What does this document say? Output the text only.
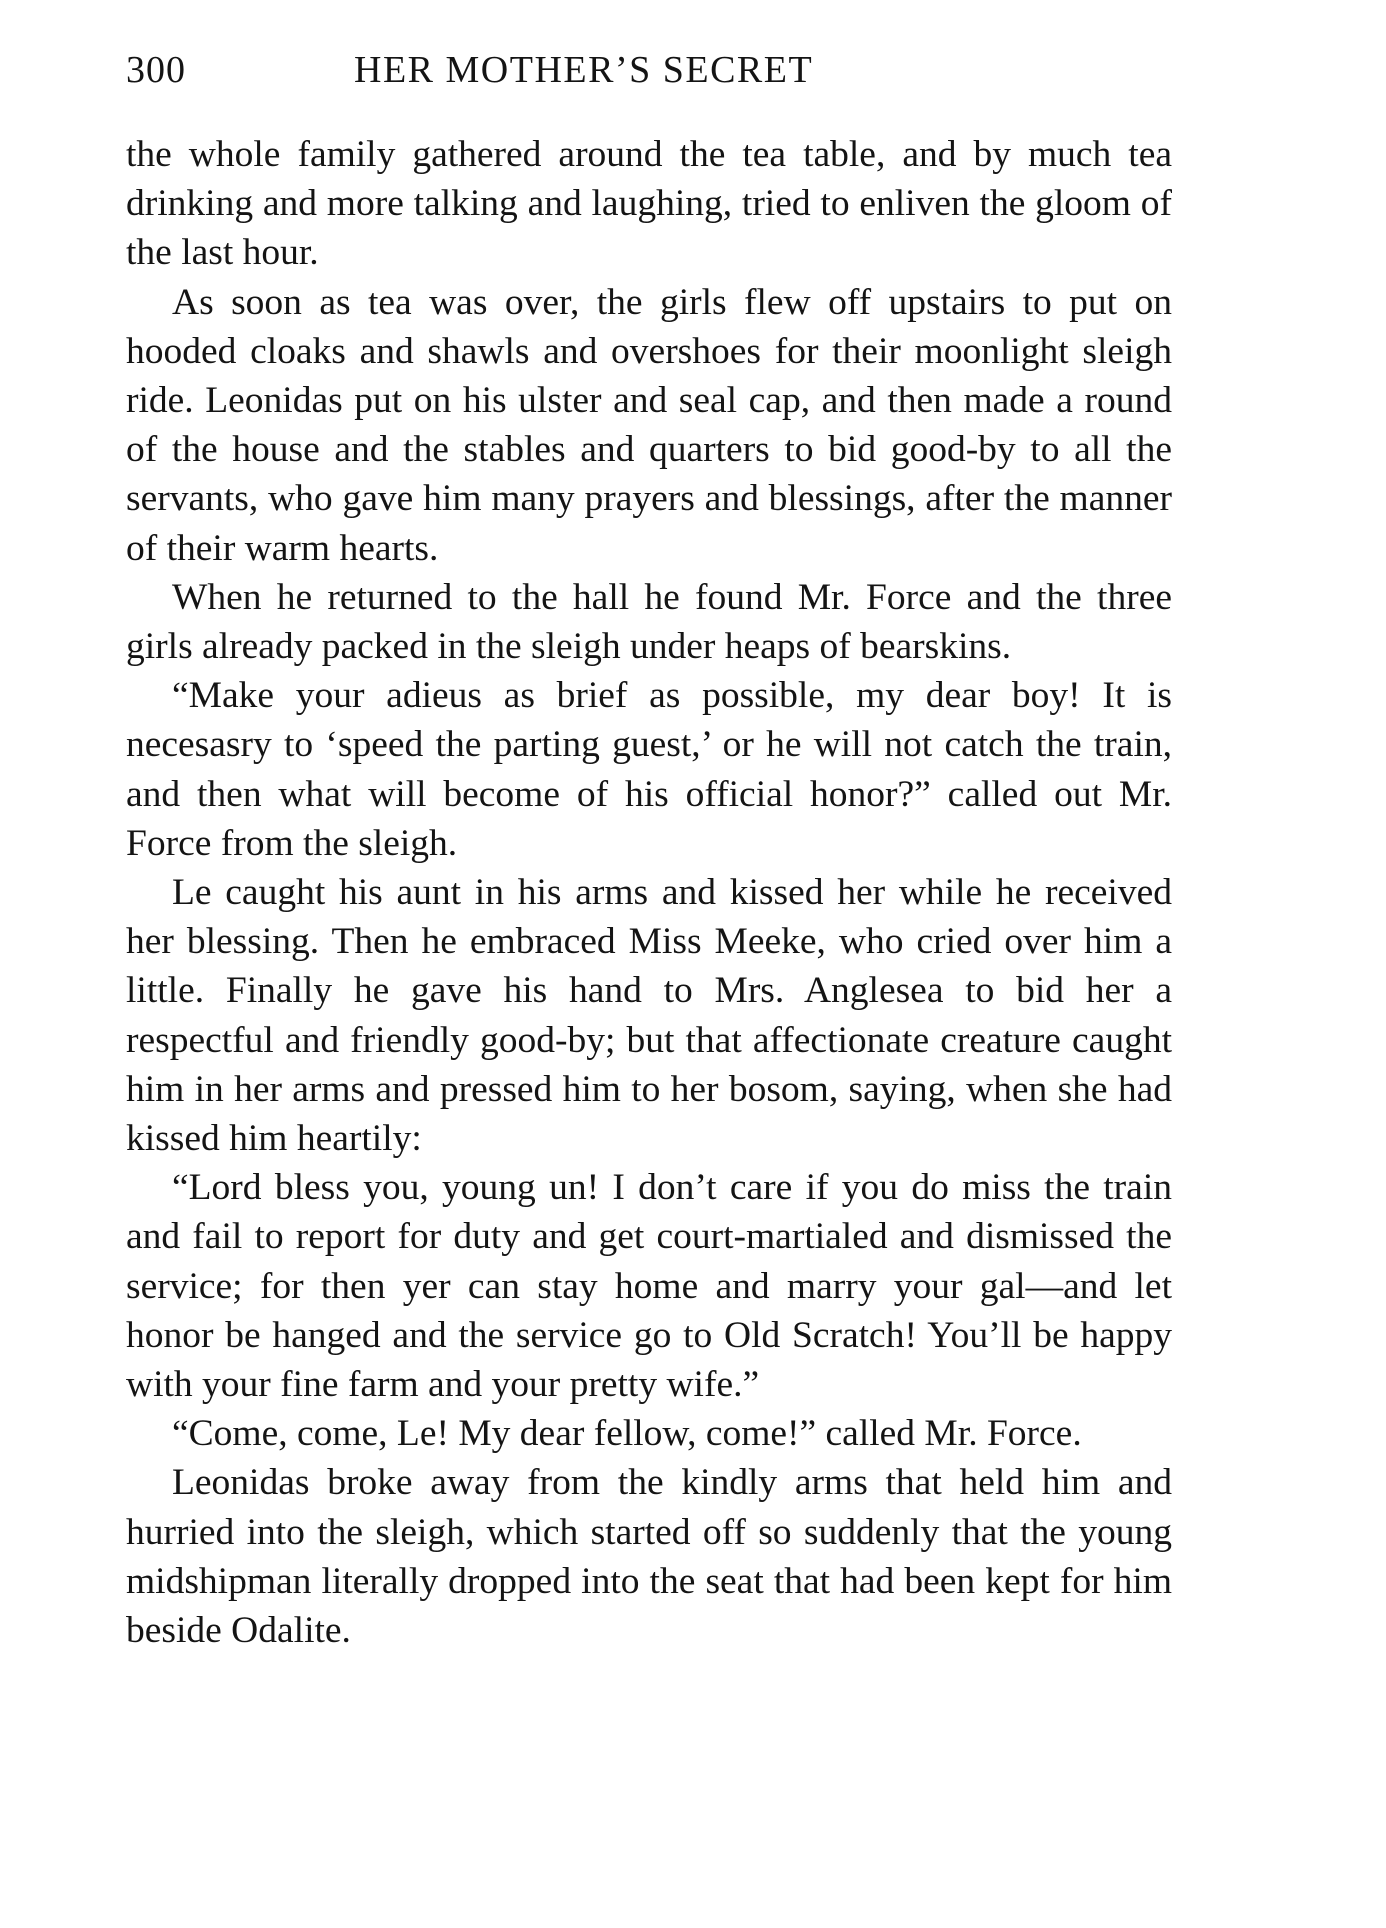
300	HER MOTHER’S SECRET

the whole family gathered around the tea table, and by much tea drinking and more talking and laughing, tried to enliven the gloom of the last hour.

As soon as tea was over, the girls flew off upstairs to put on hooded cloaks and shawls and overshoes for their moonlight sleigh ride. Leonidas put on his ulster and seal cap, and then made a round of the house and the stables and quarters to bid good-by to all the servants, who gave him many prayers and blessings, after the manner of their warm hearts.

When he returned to the hall he found Mr. Force and the three girls already packed in the sleigh under heaps of bearskins.

“Make your adieus as brief as possible, my dear boy! It is necesasry to ‘speed the parting guest,’ or he will not catch the train, and then what will become of his official honor?” called out Mr. Force from the sleigh.

Le caught his aunt in his arms and kissed her while he received her blessing. Then he embraced Miss Meeke, who cried over him a little. Finally he gave his hand to Mrs. Anglesea to bid her a respectful and friendly good-by; but that affectionate creature caught him in her arms and pressed him to her bosom, saying, when she had kissed him heartily:

“Lord bless you, young un! I don’t care if you do miss the train and fail to report for duty and get court-martialed and dismissed the service; for then yer can stay home and marry your gal—and let honor be hanged and the service go to Old Scratch! You’ll be happy with your fine farm and your pretty wife.”

“Come, come, Le! My dear fellow, come!” called Mr. Force.

Leonidas broke away from the kindly arms that held him and hurried into the sleigh, which started off so suddenly that the young midshipman literally dropped into the seat that had been kept for him beside Odalite.
